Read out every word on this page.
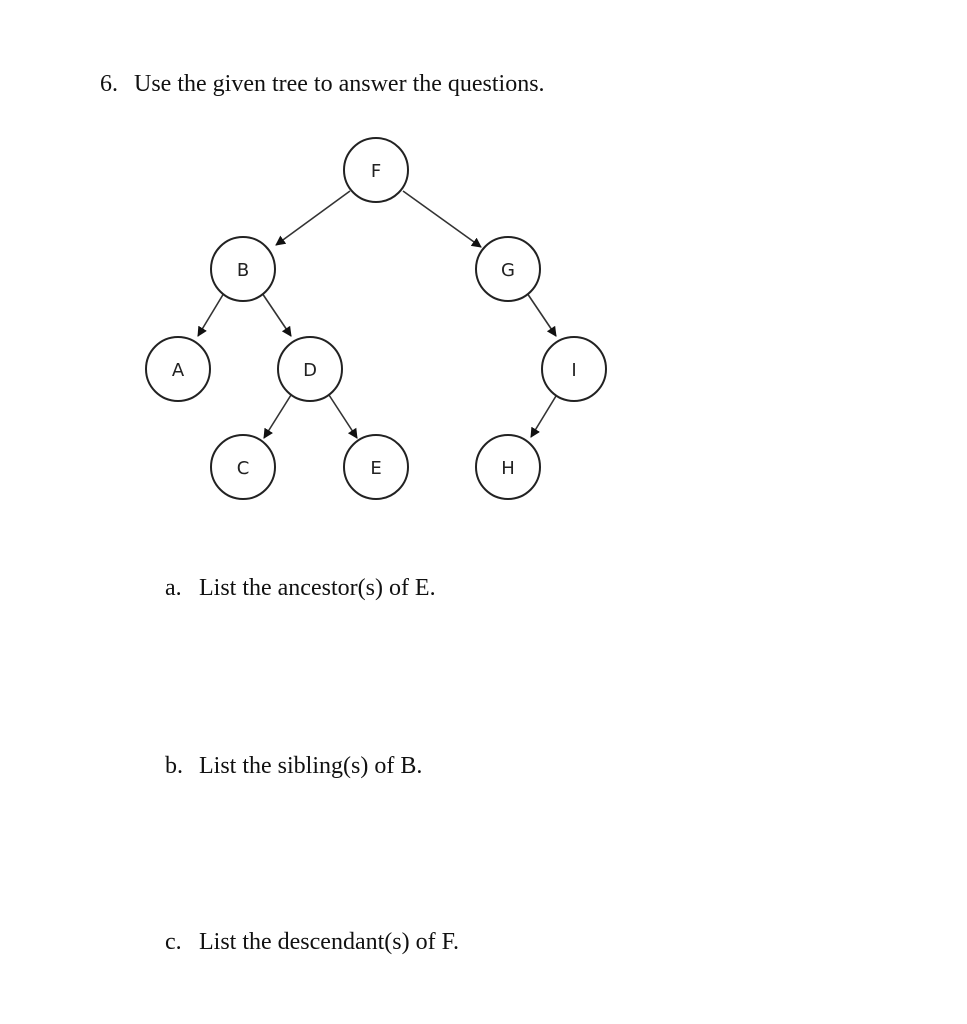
6. Use the given tree to answer the questions.
F
B	G
A	D	I
C	E	H
a. List the ancestor(s) of E.
b. List the sibling(s) of B.
c. List the descendant(s) of F.
